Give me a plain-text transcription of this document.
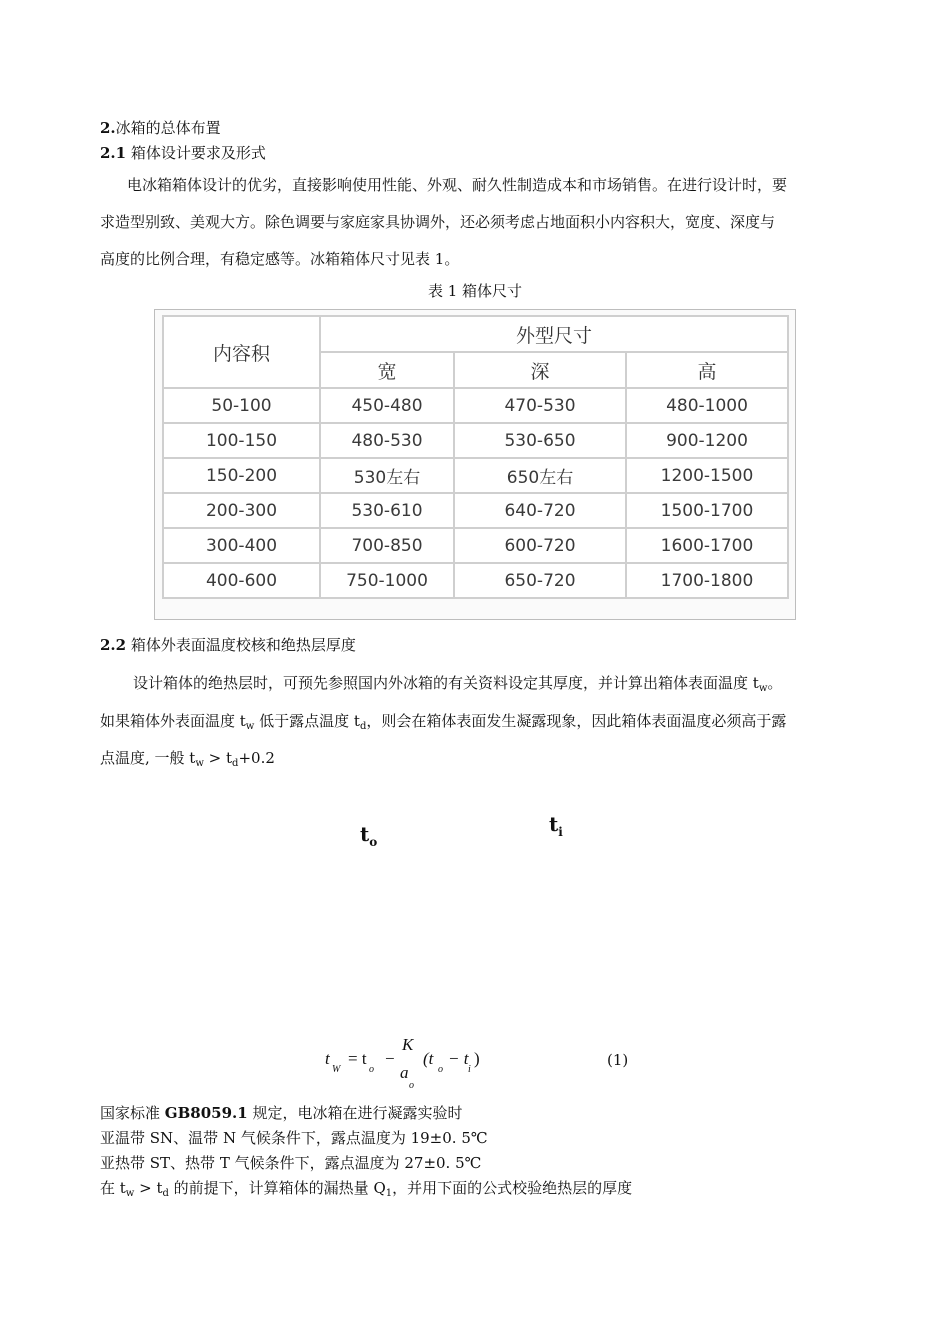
2.冰箱的总体布置
2.1 箱体设计要求及形式
电冰箱箱体设计的优劣，直接影响使用性能、外观、耐久性制造成本和市场销售。在进行设计时，要
求造型别致、美观大方。除色调要与家庭家具协调外，还必须考虑占地面积小内容积大，宽度、深度与
高度的比例合理，有稳定感等。冰箱箱体尺寸见表 1。
表 1 箱体尺寸
内容积	外型尺寸		
	宽	深	高
50-100	450-480	470-530	480-1000
100-150	480-530	530-650	900-1200
150-200	530左右	650左右	1200-1500
200-300	530-610	640-720	1500-1700
300-400	700-850	600-720	1600-1700
400-600	750-1000	650-720	1700-1800
2.2 箱体外表面温度校核和绝热层厚度
设计箱体的绝热层时，可预先参照国内外冰箱的有关资料设定其厚度，并计算出箱体表面温度 $t_w$。
如果箱体外表面温度 $t_w$ 低于露点温度 $t_d$，则会在箱体表面发生凝露现象，因此箱体表面温度必须高于露
点温度, 一般 $t_w > t_d+0.2$
$t_o$
$t_i$
t
W
= t
o
−
K
a
o
(t
o
− t
i
)	(1)
国家标准 GB8059.1 规定，电冰箱在进行凝露实验时
亚温带 SN、温带 N 气候条件下，露点温度为 19±0. 5℃
亚热带 ST、热带 T 气候条件下，露点温度为 27±0. 5℃
在 $t_w > t_d$ 的前提下，计算箱体的漏热量 $Q_1$，并用下面的公式校验绝热层的厚度
